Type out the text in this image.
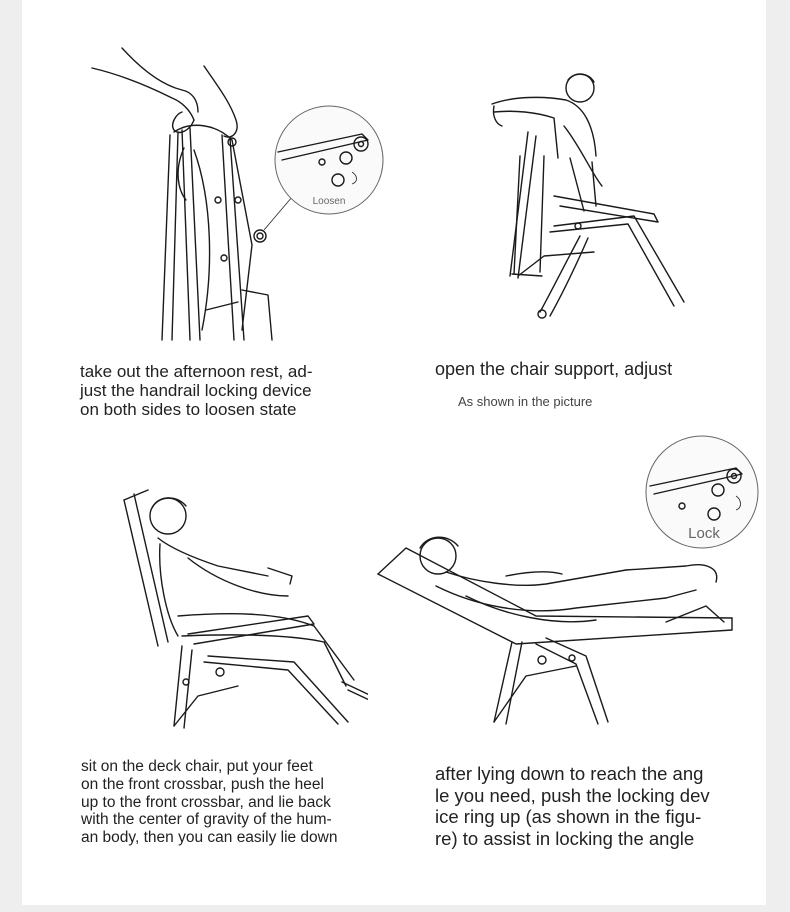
Loosen
Lock

take out the afternoon rest, ad-
just the handrail locking device
on both sides to loosen state

open the chair support, adjust

As shown in the picture

sit on the deck chair, put your feet
on the front crossbar, push the heel
up to the front crossbar, and lie back
with the center of gravity of the hum-
an body, then you can easily lie down

after lying down to reach the ang
le you need, push the locking dev
ice ring up (as shown in the figu-
re) to assist in locking the angle
